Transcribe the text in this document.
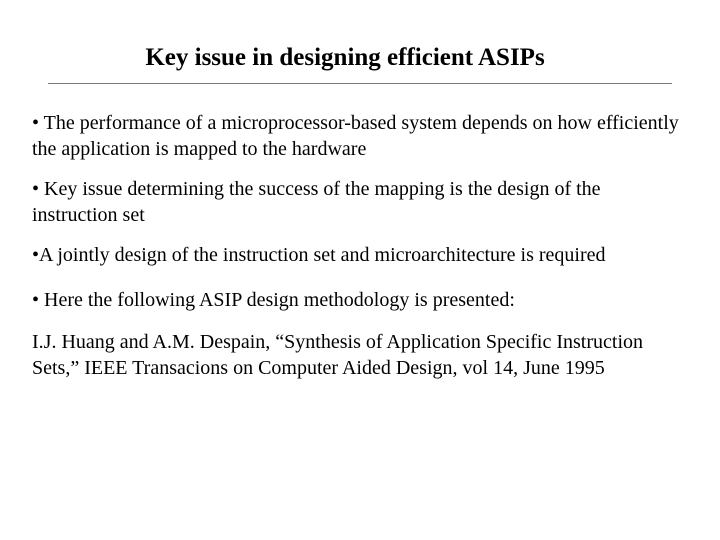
Key issue in designing efficient ASIPs
• The performance of a microprocessor-based system depends on how efficiently the application is mapped to the hardware
• Key issue determining the success of the mapping is the design of the instruction set
•A jointly design of the instruction set and microarchitecture is required
• Here the following ASIP design methodology is presented:
I.J. Huang and A.M. Despain, “Synthesis of Application Specific Instruction Sets,” IEEE Transacions on Computer Aided Design, vol 14, June 1995
